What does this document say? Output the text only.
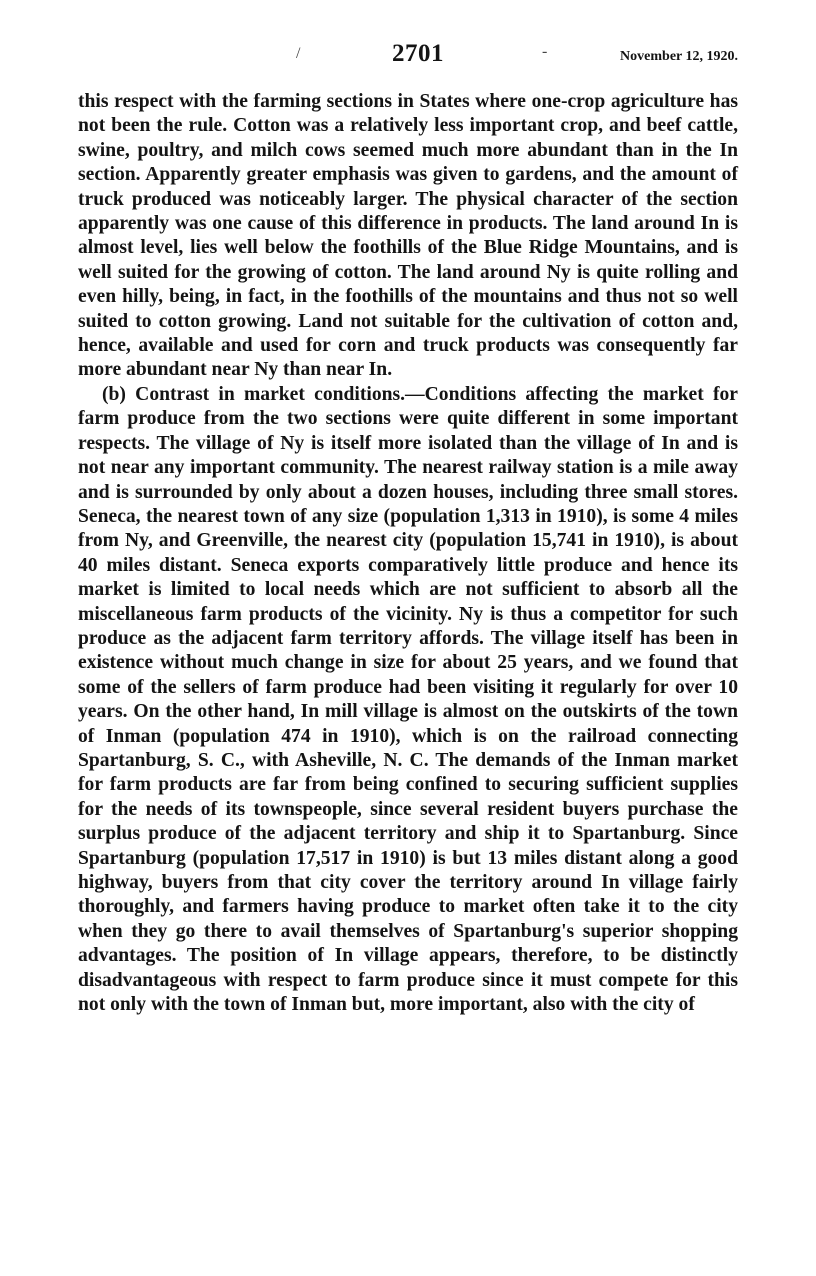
/	2701	-	November 12, 1920.

this respect with the farming sections in States where one-crop agriculture has not been the rule. Cotton was a relatively less important crop, and beef cattle, swine, poultry, and milch cows seemed much more abundant than in the In section. Apparently greater emphasis was given to gardens, and the amount of truck produced was noticeably larger. The physical character of the section apparently was one cause of this difference in products. The land around In is almost level, lies well below the foothills of the Blue Ridge Mountains, and is well suited for the growing of cotton. The land around Ny is quite rolling and even hilly, being, in fact, in the foothills of the mountains and thus not so well suited to cotton growing. Land not suitable for the cultivation of cotton and, hence, available and used for corn and truck products was consequently far more abundant near Ny than near In.

(b) Contrast in market conditions.—Conditions affecting the market for farm produce from the two sections were quite different in some important respects. The village of Ny is itself more isolated than the village of In and is not near any important community. The nearest railway station is a mile away and is surrounded by only about a dozen houses, including three small stores. Seneca, the nearest town of any size (population 1,313 in 1910), is some 4 miles from Ny, and Greenville, the nearest city (population 15,741 in 1910), is about 40 miles distant. Seneca exports comparatively little produce and hence its market is limited to local needs which are not sufficient to absorb all the miscellaneous farm products of the vicinity. Ny is thus a competitor for such produce as the adjacent farm territory affords. The village itself has been in existence without much change in size for about 25 years, and we found that some of the sellers of farm produce had been visiting it regularly for over 10 years. On the other hand, In mill village is almost on the outskirts of the town of Inman (population 474 in 1910), which is on the railroad connecting Spartanburg, S. C., with Asheville, N. C. The demands of the Inman market for farm products are far from being confined to securing sufficient supplies for the needs of its townspeople, since several resident buyers purchase the surplus produce of the adjacent territory and ship it to Spartanburg. Since Spartanburg (population 17,517 in 1910) is but 13 miles distant along a good highway, buyers from that city cover the territory around In village fairly thoroughly, and farmers having produce to market often take it to the city when they go there to avail themselves of Spartanburg's superior shopping advantages. The position of In village appears, therefore, to be distinctly disadvantageous with respect to farm produce since it must compete for this not only with the town of Inman but, more important, also with the city of
